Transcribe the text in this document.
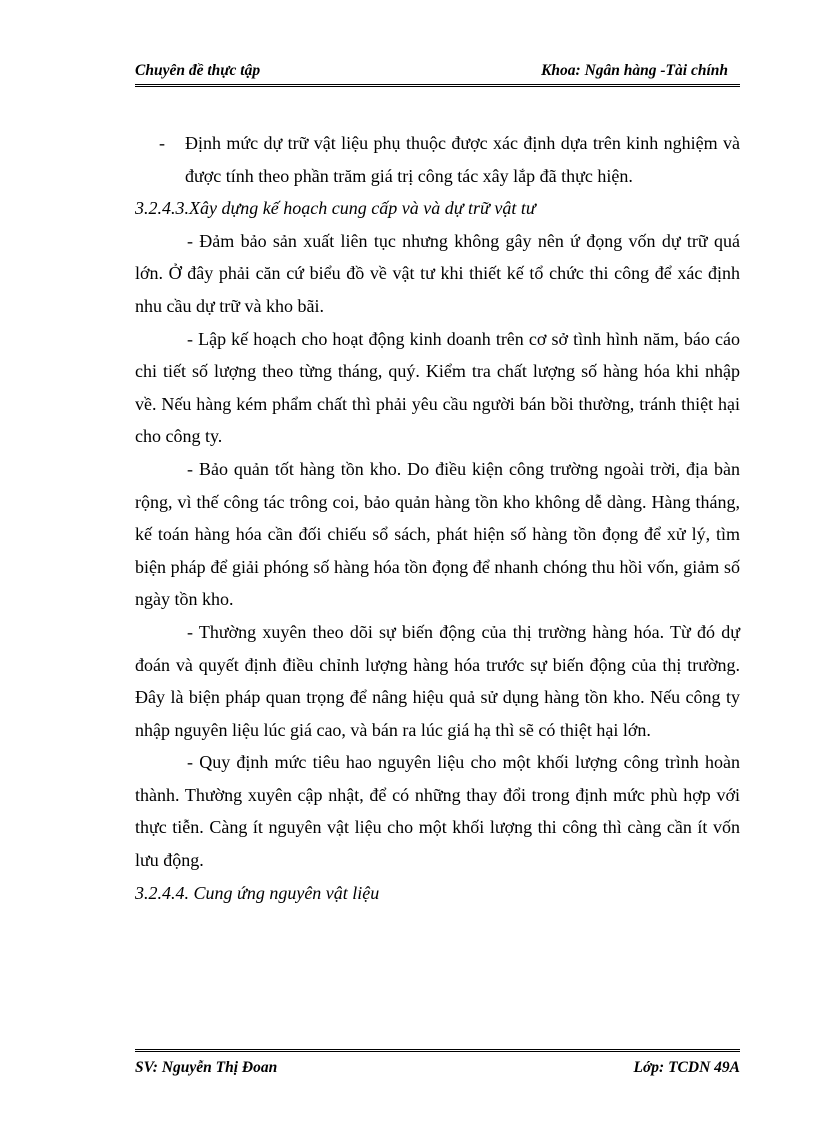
Chuyên đề thực tập	Khoa: Ngân hàng -Tài chính

- Định mức dự trữ vật liệu phụ thuộc được xác định dựa trên kinh nghiệm và được tính theo phần trăm giá trị công tác xây lắp đã thực hiện.

3.2.4.3.Xây dựng kế hoạch cung cấp và và dự trữ vật tư

- Đảm bảo sản xuất liên tục nhưng không gây nên ứ đọng vốn dự trữ quá lớn. Ở đây phải căn cứ biểu đồ về vật tư khi thiết kế tổ chức thi công để xác định nhu cầu dự trữ và kho bãi.

- Lập kế hoạch cho hoạt động kinh doanh trên cơ sở tình hình năm, báo cáo chi tiết số lượng theo từng tháng, quý. Kiểm tra chất lượng số hàng hóa khi nhập về. Nếu hàng kém phẩm chất thì phải yêu cầu người bán bồi thường, tránh thiệt hại cho công ty.

- Bảo quản tốt hàng tồn kho. Do điều kiện công trường ngoài trời, địa bàn rộng, vì thế công tác trông coi, bảo quản hàng tồn kho không dễ dàng. Hàng tháng, kế toán hàng hóa cần đối chiếu sổ sách, phát hiện số hàng tồn đọng để xử lý, tìm biện pháp để giải phóng số hàng hóa tồn đọng để nhanh chóng thu hồi vốn, giảm số ngày tồn kho.

- Thường xuyên theo dõi sự biến động của thị trường hàng hóa. Từ đó dự đoán và quyết định điều chỉnh lượng hàng hóa trước sự biến động của thị trường. Đây là biện pháp quan trọng để nâng hiệu quả sử dụng hàng tồn kho. Nếu công ty nhập nguyên liệu lúc giá cao, và bán ra lúc giá hạ thì sẽ có thiệt hại lớn.

- Quy định mức tiêu hao nguyên liệu cho một khối lượng công trình hoàn thành. Thường xuyên cập nhật, để có những thay đổi trong định mức phù hợp với thực tiễn. Càng ít nguyên vật liệu cho một khối lượng thi công thì càng cần ít vốn lưu động.

3.2.4.4. Cung ứng nguyên vật liệu

SV: Nguyễn Thị Đoan	Lớp: TCDN 49A
